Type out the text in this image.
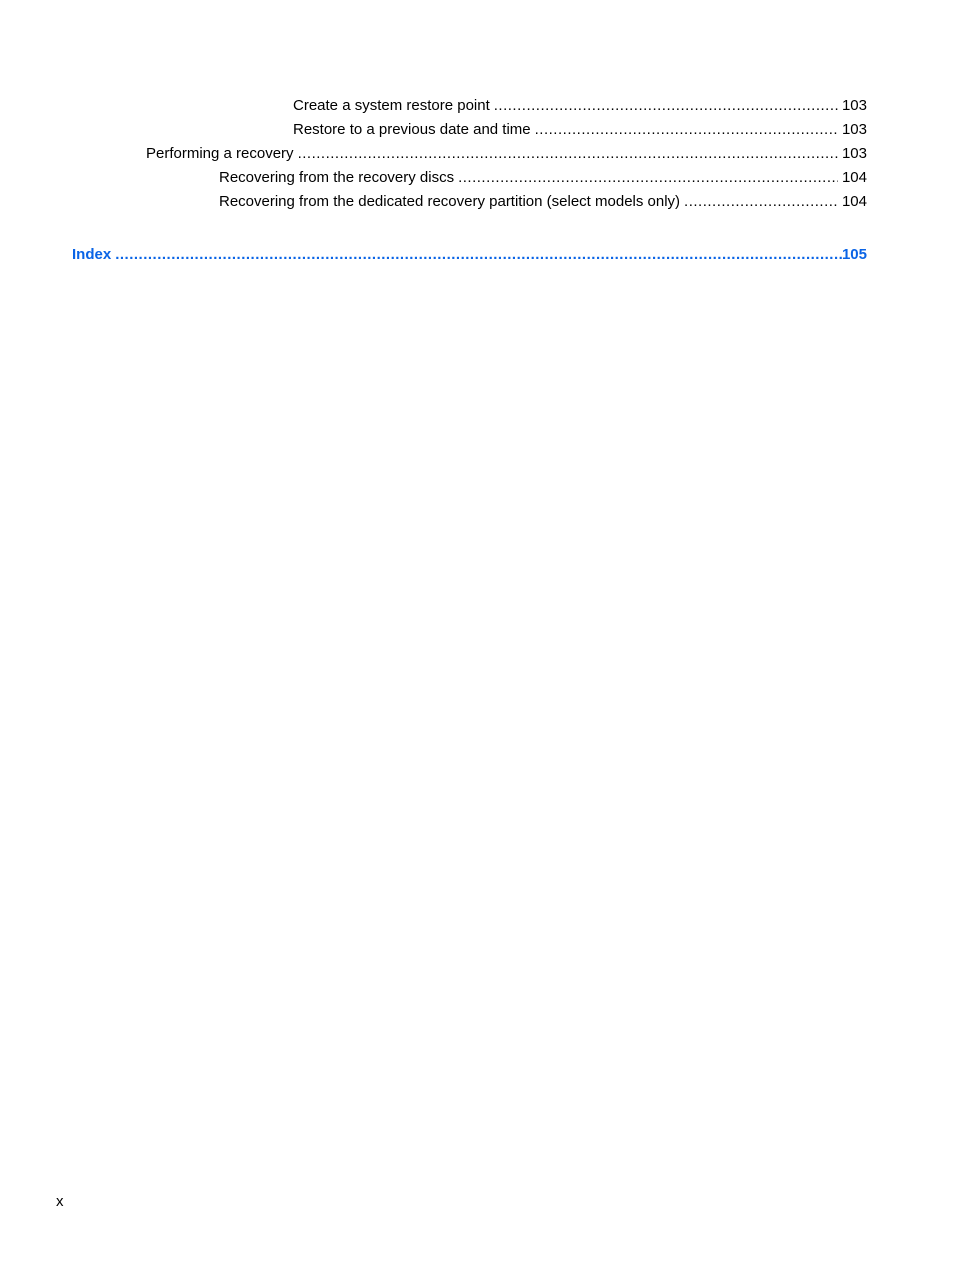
Create a system restore point .....	103
Restore to a previous date and time .....	103
Performing a recovery .....	103
Recovering from the recovery discs .....	104
Recovering from the dedicated recovery partition (select models only) .....	104
Index .....	105
x
